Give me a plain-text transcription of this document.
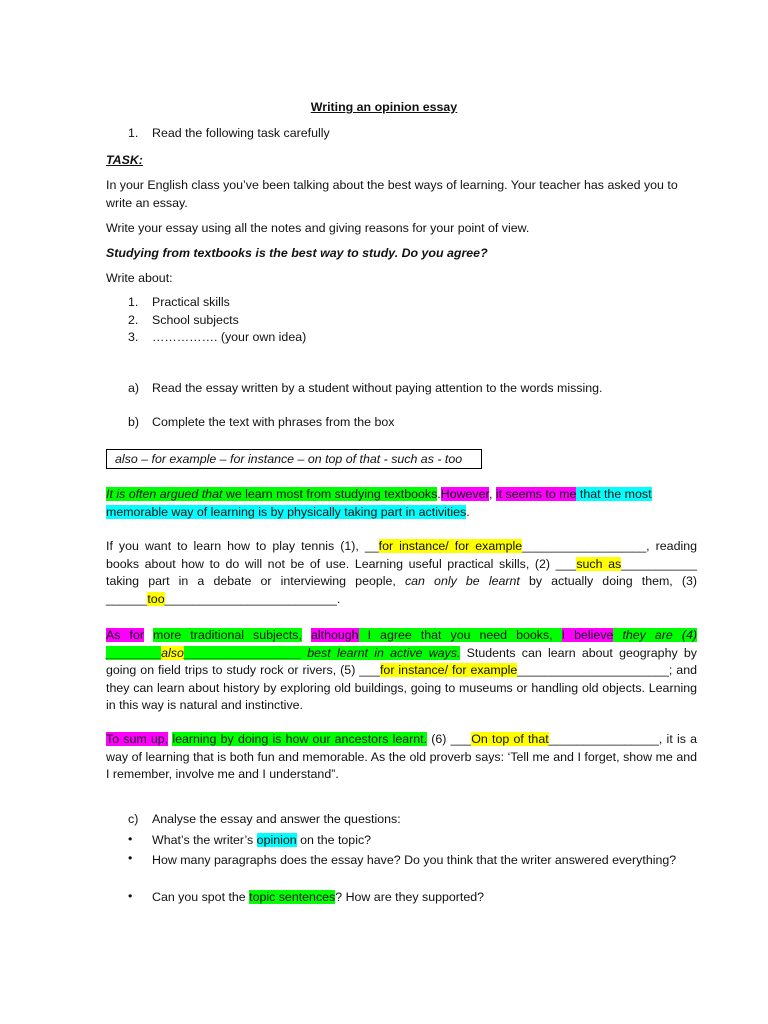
Writing an opinion essay
1. Read the following task carefully
TASK:
In your English class you’ve been talking about the best ways of learning. Your teacher has asked you to write an essay.
Write your essay using all the notes and giving reasons for your point of view.
Studying from textbooks is the best way to study. Do you agree?
Write about:
1. Practical skills
2. School subjects
3. ……………. (your own idea)
a) Read the essay written by a student without paying attention to the words missing.
b) Complete the text with phrases from the box
also – for example – for instance – on top of that - such as - too
It is often argued that we learn most from studying textbooks.However, it seems to me that the most memorable way of learning is by physically taking part in activities.
If you want to learn how to play tennis (1), __for instance/ for example__________________, reading books about how to do will not be of use. Learning useful practical skills, (2) ___such as___________ taking part in a debate or interviewing people, can only be learnt by actually doing them, (3) ______too_________________________.
As for more traditional subjects, although I agree that you need books, I believe they are (4) ________also_________________ best learnt in active ways. Students can learn about geography by going on field trips to study rock or rivers, (5) ___for instance/ for example______________________; and they can learn about history by exploring old buildings, going to museums or handling old objects. Learning in this way is natural and instinctive.
To sum up, learning by doing is how our ancestors learnt. (6) ___On top of that________________, it is a way of learning that is both fun and memorable. As the old proverb says: ‘Tell me and I forget, show me and I remember, involve me and I understand”.
c) Analyse the essay and answer the questions:
• What’s the writer’s opinion on the topic?
• How many paragraphs does the essay have? Do you think that the writer answered everything?
• Can you spot the topic sentences? How are they supported?
